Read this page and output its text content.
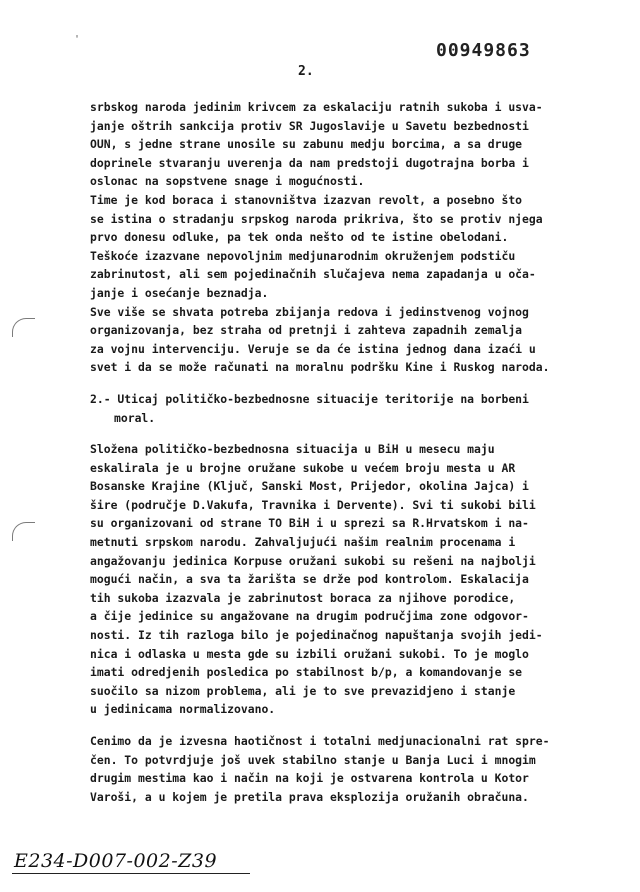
'
00949863
2.
srbskog naroda jedinim krivcem za eskalaciju ratnih sukoba i usva-
janje oštrih sankcija protiv SR Jugoslavije u Savetu bezbednosti
OUN, s jedne strane unosile su zabunu medju borcima, a sa druge
doprinele stvaranju uverenja da nam predstoji dugotrajna borba i
oslonac na sopstvene snage i mogućnosti.
Time je kod boraca i stanovništva izazvan revolt, a posebno što
se istina o stradanju srpskog naroda prikriva, što se protiv njega
prvo donesu odluke, pa tek onda nešto od te istine obelodani.
Teškoće izazvane nepovoljnim medjunarodnim okruženjem podstiču
zabrinutost, ali sem pojedinačnih slučajeva nema zapadanja u oča-
janje i osećanje beznadja.
Sve više se shvata potreba zbijanja redova i jedinstvenog vojnog
organizovanja, bez straha od pretnji i zahteva zapadnih zemalja
za vojnu intervenciju. Veruje se da će istina jednog dana izaći u
svet i da se može računati na moralnu podršku Kine i Ruskog naroda.
2.- Uticaj političko-bezbednosne situacije teritorije na borbeni
moral.
Složena političko-bezbednosna situacija u BiH u mesecu maju
eskalirala je u brojne oružane sukobe u većem broju mesta u AR
Bosanske Krajine (Ključ, Sanski Most, Prijedor, okolina Jajca) i
šire (područje D.Vakufa, Travnika i Dervente). Svi ti sukobi bili
su organizovani od strane TO BiH i u sprezi sa R.Hrvatskom i na-
metnuti srpskom narodu. Zahvaljujući našim realnim procenama i
angažovanju jedinica Korpuse oružani sukobi su rešeni na najbolji
mogući način, a sva ta žarišta se drže pod kontrolom. Eskalacija
tih sukoba izazvala je zabrinutost boraca za njihove porodice,
a čije jedinice su angažovane na drugim područjima zone odgovor-
nosti. Iz tih razloga bilo je pojedinačnog napuštanja svojih jedi-
nica i odlaska u mesta gde su izbili oružani sukobi. To je moglo
imati odredjenih posledica po stabilnost b/p, a komandovanje se
suočilo sa nizom problema, ali je to sve prevazidjeno i stanje
u jedinicama normalizovano.
Cenimo da je izvesna haotičnost i totalni medjunacionalni rat spre-
čen. To potvrdjuje još uvek stabilno stanje u Banja Luci i mnogim
drugim mestima kao i način na koji je ostvarena kontrola u Kotor
Varoši, a u kojem je pretila prava eksplozija oružanih obračuna.
E234-D007-002-Z39
